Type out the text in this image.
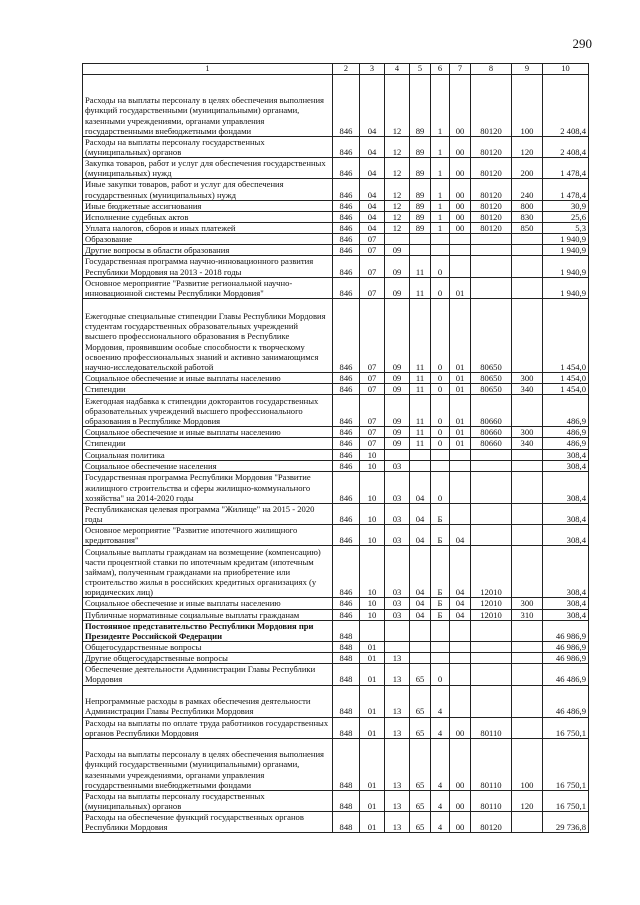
290
1	2	3	4	5	6	7	8	9	10
Расходы на выплаты персоналу в целях обеспечения выполнения функций государственными (муниципальными) органами, казенными учреждениями, органами управления государственными внебюджетными фондами	846	04	12	89	1	00	80120	100	2 408,4
Расходы на выплаты персоналу государственных (муниципальных) органов	846	04	12	89	1	00	80120	120	2 408,4
Закупка товаров, работ и услуг для обеспечения государственных (муниципальных) нужд	846	04	12	89	1	00	80120	200	1 478,4
Иные закупки товаров, работ и услуг для обеспечения государственных (муниципальных) нужд	846	04	12	89	1	00	80120	240	1 478,4
Иные бюджетные ассигнования	846	04	12	89	1	00	80120	800	30,9
Исполнение судебных актов	846	04	12	89	1	00	80120	830	25,6
Уплата налогов, сборов и иных платежей	846	04	12	89	1	00	80120	850	5,3
Образование	846	07							1 940,9
Другие вопросы в области образования	846	07	09						1 940,9
Государственная программа научно-инновационного развития Республики Мордовия на 2013 - 2018 годы	846	07	09	11	0				1 940,9
Основное мероприятие "Развитие региональной научно-инновационной системы Республики Мордовия"	846	07	09	11	0	01			1 940,9
Ежегодные специальные стипендии Главы Республики Мордовия студентам государственных образовательных учреждений высшего профессионального образования в Республике Мордовия, проявившим особые способности к творческому освоению профессиональных знаний и активно занимающимся научно-исследовательской работой	846	07	09	11	0	01	80650		1 454,0
Социальное обеспечение и иные выплаты населению	846	07	09	11	0	01	80650	300	1 454,0
Стипендии	846	07	09	11	0	01	80650	340	1 454,0
Ежегодная надбавка к стипендии докторантов государственных образовательных учреждений высшего профессионального образования в Республике Мордовия	846	07	09	11	0	01	80660		486,9
Социальное обеспечение и иные выплаты населению	846	07	09	11	0	01	80660	300	486,9
Стипендии	846	07	09	11	0	01	80660	340	486,9
Социальная политика	846	10							308,4
Социальное обеспечение населения	846	10	03						308,4
Государственная программа Республики Мордовия "Развитие жилищного строительства и сферы жилищно-коммунального хозяйства" на 2014-2020 годы	846	10	03	04	0				308,4
Республиканская целевая программа "Жилище" на 2015 - 2020 годы	846	10	03	04	Б				308,4
Основное мероприятие "Развитие ипотечного жилищного кредитования"	846	10	03	04	Б	04			308,4
Социальные выплаты гражданам на возмещение (компенсацию) части процентной ставки по ипотечным кредитам (ипотечным займам), полученным гражданами на приобретение или строительство жилья в российских кредитных организациях (у юридических лиц)	846	10	03	04	Б	04	12010		308,4
Социальное обеспечение и иные выплаты населению	846	10	03	04	Б	04	12010	300	308,4
Публичные нормативные социальные выплаты гражданам	846	10	03	04	Б	04	12010	310	308,4
Постоянное представительство Республики Мордовия при Президенте Российской Федерации	848								46 986,9
Общегосударственные вопросы	848	01							46 986,9
Другие общегосударственные вопросы	848	01	13						46 986,9
Обеспечение деятельности Администрации Главы Республики Мордовия	848	01	13	65	0				46 486,9
Непрограммные расходы в рамках обеспечения деятельности Администрации Главы Республики Мордовия	848	01	13	65	4				46 486,9
Расходы на выплаты по оплате труда работников государственных органов Республики Мордовия	848	01	13	65	4	00	80110		16 750,1
Расходы на выплаты персоналу в целях обеспечения выполнения функций государственными (муниципальными) органами, казенными учреждениями, органами управления государственными внебюджетными фондами	848	01	13	65	4	00	80110	100	16 750,1
Расходы на выплаты персоналу государственных (муниципальных) органов	848	01	13	65	4	00	80110	120	16 750,1
Расходы на обеспечение функций государственных органов Республики Мордовия	848	01	13	65	4	00	80120		29 736,8
